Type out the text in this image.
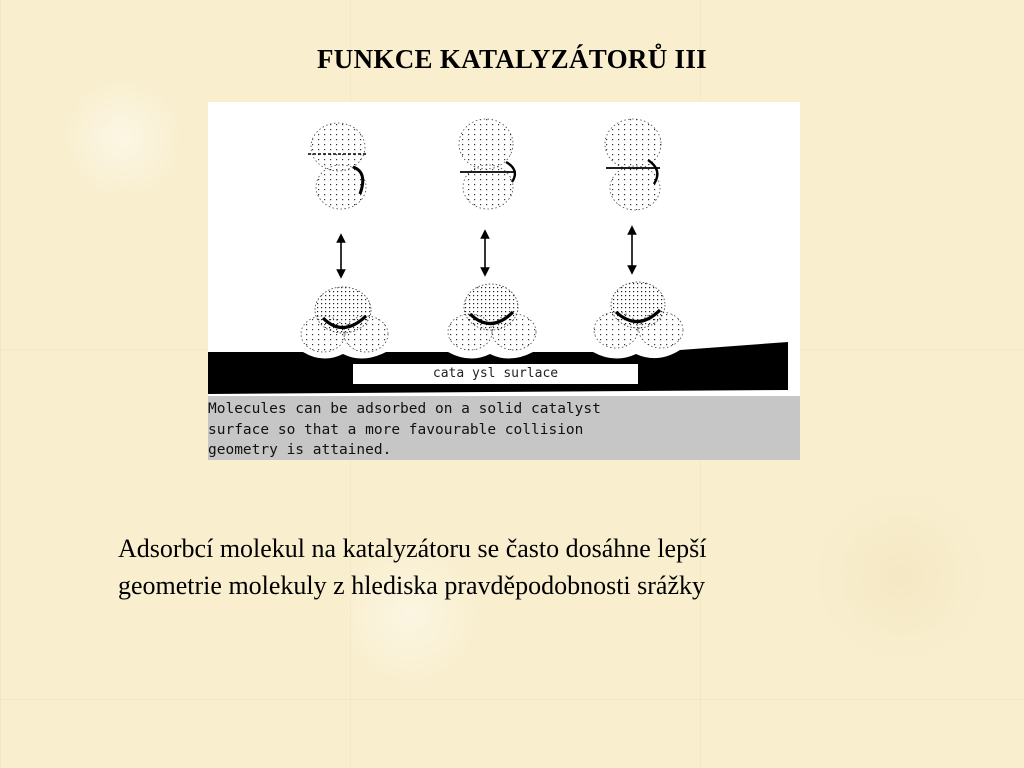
FUNKCE KATALYZÁTORŮ III
cata ysl surlace

Molecules can be adsorbed on a solid catalyst

surface so that a more favourable collision

geometry is attained.

Adsorbcí molekul na katalyzátoru se často dosáhne lepší

geometrie molekuly z hlediska pravděpodobnosti srážky
